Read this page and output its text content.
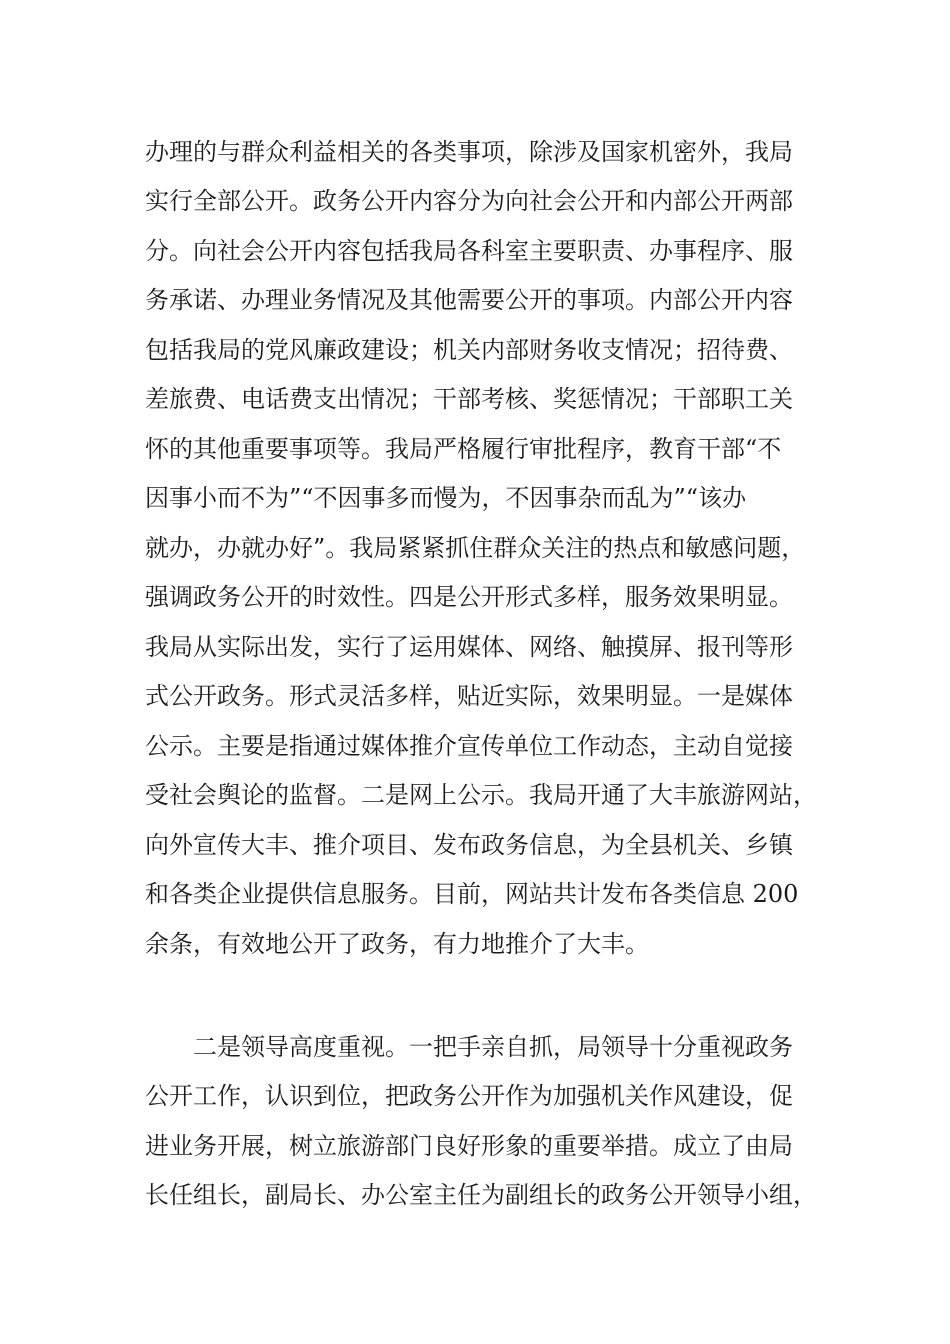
办理的与群众利益相关的各类事项，除涉及国家机密外，我局
实行全部公开。政务公开内容分为向社会公开和内部公开两部
分。向社会公开内容包括我局各科室主要职责、办事程序、服
务承诺、办理业务情况及其他需要公开的事项。内部公开内容
包括我局的党风廉政建设；机关内部财务收支情况；招待费、
差旅费、电话费支出情况；干部考核、奖惩情况；干部职工关
怀的其他重要事项等。我局严格履行审批程序，教育干部“不
因事小而不为”“不因事多而慢为，不因事杂而乱为”“该办
就办，办就办好”。我局紧紧抓住群众关注的热点和敏感问题，
强调政务公开的时效性。四是公开形式多样，服务效果明显。
我局从实际出发，实行了运用媒体、网络、触摸屏、报刊等形
式公开政务。形式灵活多样，贴近实际，效果明显。一是媒体
公示。主要是指通过媒体推介宣传单位工作动态，主动自觉接
受社会舆论的监督。二是网上公示。我局开通了大丰旅游网站，
向外宣传大丰、推介项目、发布政务信息，为全县机关、乡镇
和各类企业提供信息服务。目前，网站共计发布各类信息 200
余条，有效地公开了政务，有力地推介了大丰。
二是领导高度重视。一把手亲自抓，局领导十分重视政务
公开工作，认识到位，把政务公开作为加强机关作风建设，促
进业务开展，树立旅游部门良好形象的重要举措。成立了由局
长任组长，副局长、办公室主任为副组长的政务公开领导小组，
